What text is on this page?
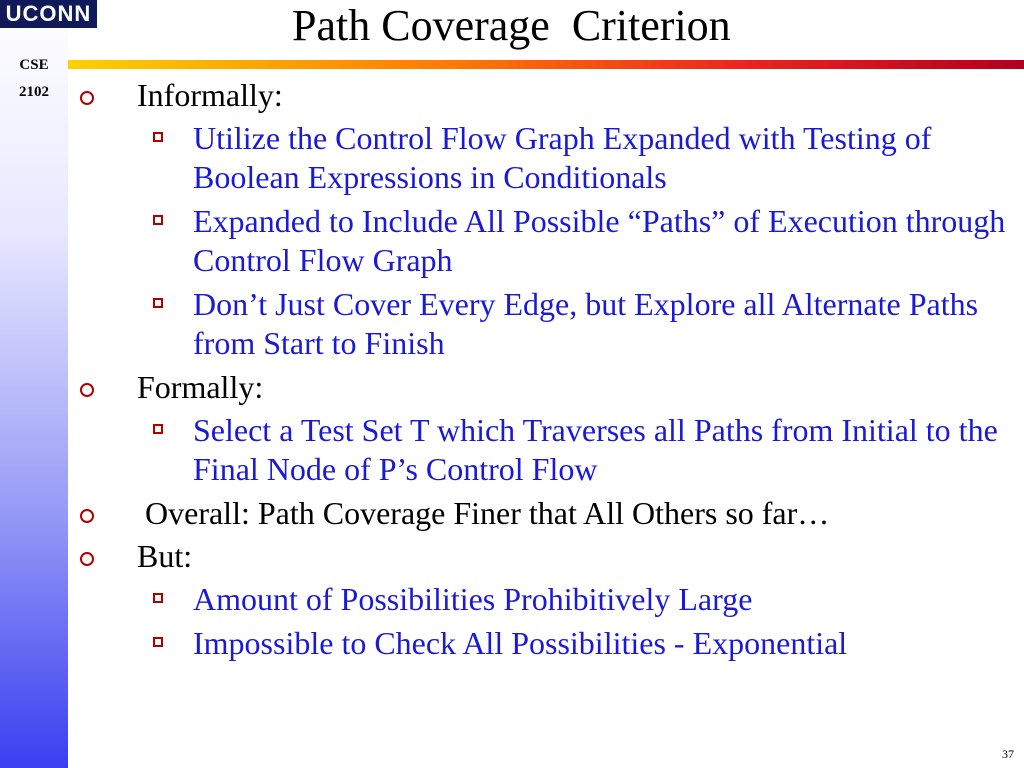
UCONN
CSE
2102
Path Coverage  Criterion
Informally:
Utilize the Control Flow Graph Expanded with Testing of Boolean Expressions in Conditionals
Expanded to Include All Possible “Paths” of Execution through Control Flow Graph
Don’t Just Cover Every Edge, but Explore all Alternate Paths from Start to Finish
Formally:
Select a Test Set T which Traverses all Paths from Initial to the Final Node of P’s Control Flow
Overall: Path Coverage Finer that All Others so far…
But:
Amount of Possibilities Prohibitively Large
Impossible to Check All Possibilities - Exponential
37
